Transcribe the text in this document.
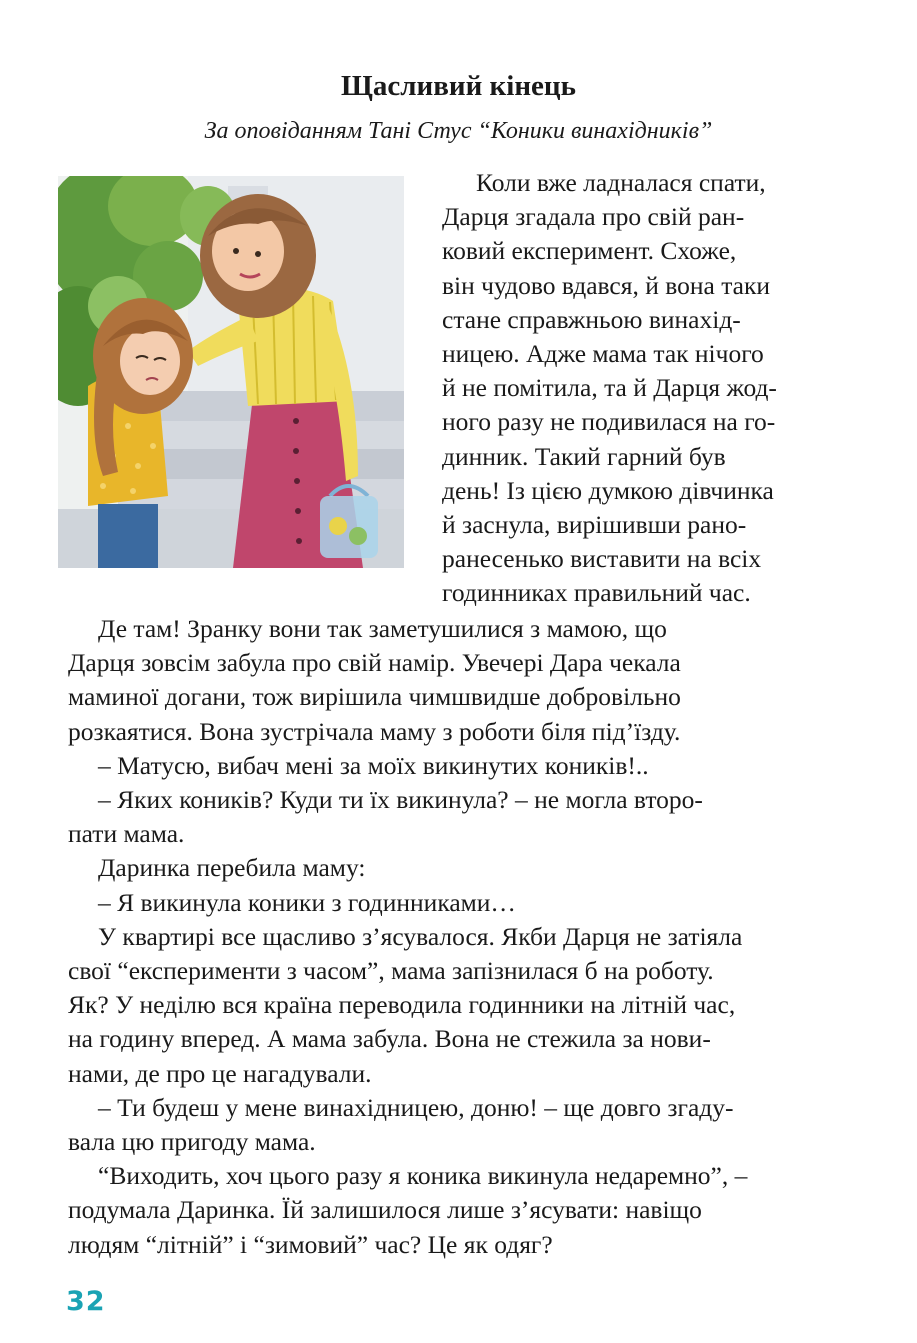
Щасливий кінець

За оповіданням Тані Стус “Коники винахідників”

Коли вже ладналася спати,
Дарця згадала про свій ран-
ковий експеримент. Схоже,
він чудово вдався, й вона таки
стане справжньою винахід-
ницею. Адже мама так нічого
й не помітила, та й Дарця жод-
ного разу не подивилася на го-
динник. Такий гарний був
день! Із цією думкою дівчинка
й заснула, вирішивши рано-
ранесенько виставити на всіх
годинниках правильний час.
Де там! Зранку вони так заметушилися з мамою, що
Дарця зовсім забула про свій намір. Увечері Дара чекала
маминої догани, тож вирішила чимшвидше добровільно
розкаятися. Вона зустрічала маму з роботи біля під’їзду.
– Матусю, вибач мені за моїх викинутих коників!..
– Яких коників? Куди ти їх викинула? – не могла второ-
пати мама.
Даринка перебила маму:
– Я викинула коники з годинниками…
У квартирі все щасливо з’ясувалося. Якби Дарця не затіяла
свої “експерименти з часом”, мама запізнилася б на роботу.
Як? У неділю вся країна переводила годинники на літній час,
на годину вперед. А мама забула. Вона не стежила за нови-
нами, де про це нагадували.
– Ти будеш у мене винахідницею, доню! – ще довго згаду-
вала цю пригоду мама.
“Виходить, хоч цього разу я коника викинула недаремно”, –
подумала Даринка. Їй залишилося лише з’ясувати: навіщо
людям “літній” і “зимовий” час? Це як одяг?
32
